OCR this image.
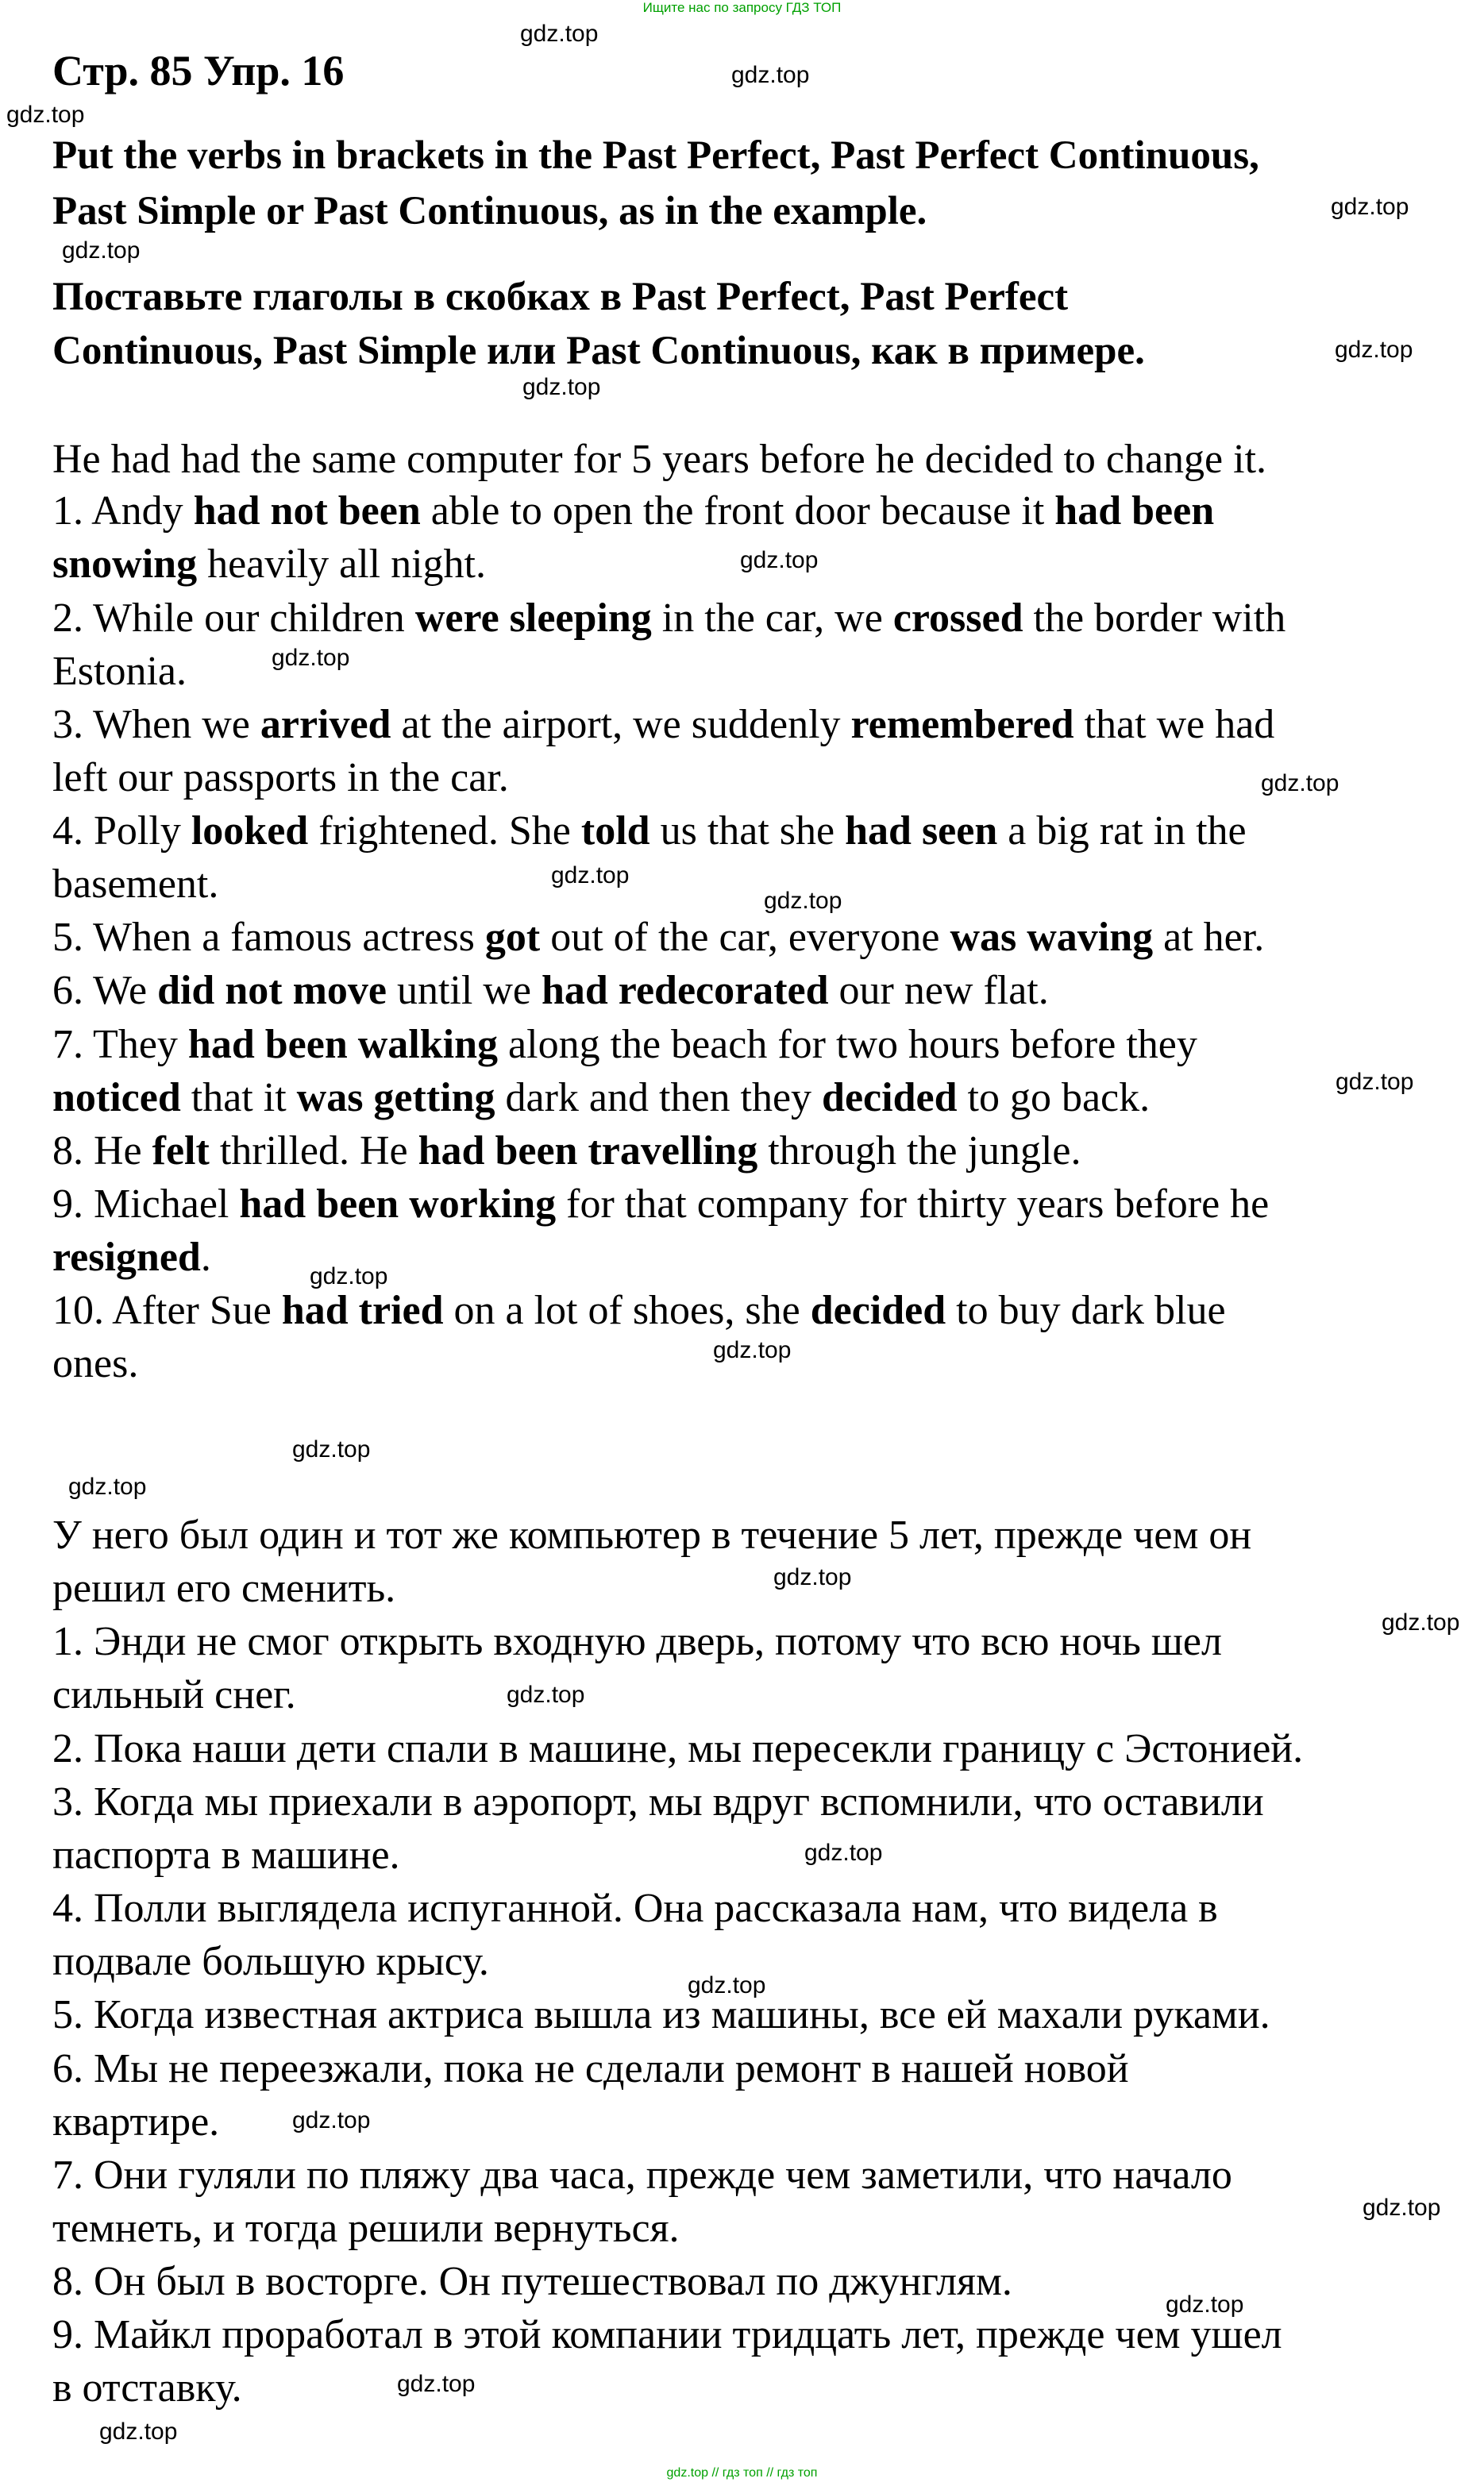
Ищите нас по запросу ГДЗ ТОП
Стр. 85 Упр. 16
Put the verbs in brackets in the Past Perfect, Past Perfect Continuous,
Past Simple or Past Continuous, as in the example.
Поставьте глаголы в скобках в Past Perfect, Past Perfect
Continuous, Past Simple или Past Continuous, как в примере.
He had had the same computer for 5 years before he decided to change it.
1. Andy had not been able to open the front door because it had been
snowing heavily all night.
2. While our children were sleeping in the car, we crossed the border with
Estonia.
3. When we arrived at the airport, we suddenly remembered that we had
left our passports in the car.
4. Polly looked frightened. She told us that she had seen a big rat in the
basement.
5. When a famous actress got out of the car, everyone was waving at her.
6. We did not move until we had redecorated our new flat.
7. They had been walking along the beach for two hours before they
noticed that it was getting dark and then they decided to go back.
8. He felt thrilled. He had been travelling through the jungle.
9. Michael had been working for that company for thirty years before he
resigned.
10. After Sue had tried on a lot of shoes, she decided to buy dark blue
ones.
У него был один и тот же компьютер в течение 5 лет, прежде чем он
решил его сменить.
1. Энди не смог открыть входную дверь, потому что всю ночь шел
сильный снег.
2. Пока наши дети спали в машине, мы пересекли границу с Эстонией.
3. Когда мы приехали в аэропорт, мы вдруг вспомнили, что оставили
паспорта в машине.
4. Полли выглядела испуганной. Она рассказала нам, что видела в
подвале большую крысу.
5. Когда известная актриса вышла из машины, все ей махали руками.
6. Мы не переезжали, пока не сделали ремонт в нашей новой
квартире.
7. Они гуляли по пляжу два часа, прежде чем заметили, что начало
темнеть, и тогда решили вернуться.
8. Он был в восторге. Он путешествовал по джунглям.
9. Майкл проработал в этой компании тридцать лет, прежде чем ушел
в отставку.
gdz.top
gdz.top
gdz.top
gdz.top
gdz.top
gdz.top
gdz.top
gdz.top
gdz.top
gdz.top
gdz.top
gdz.top
gdz.top
gdz.top
gdz.top
gdz.top
gdz.top
gdz.top
gdz.top
gdz.top
gdz.top
gdz.top
gdz.top
gdz.top
gdz.top
gdz.top
gdz.top
gdz.top // гдз топ // гдз топ
